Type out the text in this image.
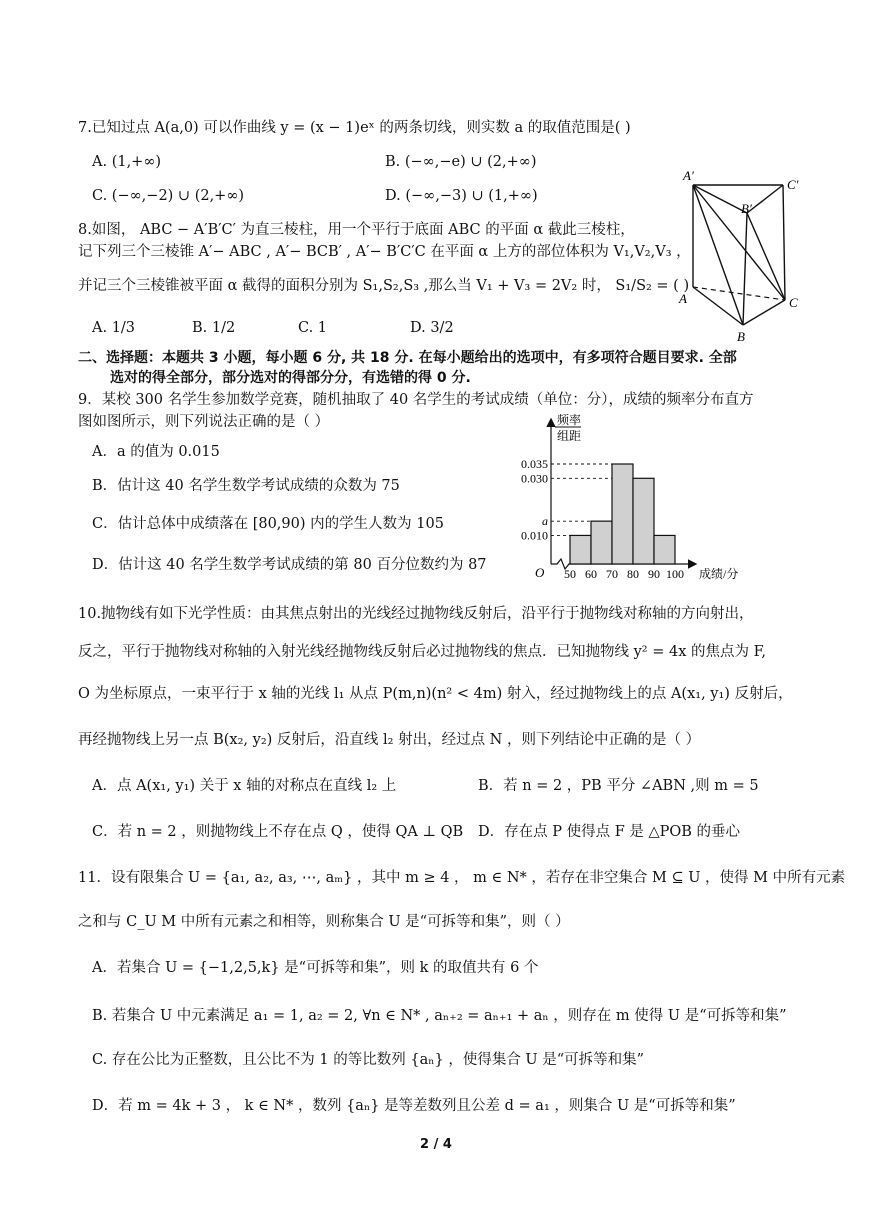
7.已知过点 A(a,0) 可以作曲线 y = (x − 1)eˣ 的两条切线，则实数 a 的取值范围是( )
A. (1,+∞)	B. (−∞,−e) ∪ (2,+∞)
C. (−∞,−2) ∪ (2,+∞)	D. (−∞,−3) ∪ (1,+∞)
8.如图， ABC − A′B′C′ 为直三棱柱，用一个平行于底面 ABC 的平面 α 截此三棱柱，
记下列三个三棱锥 A′− ABC , A′− BCB′ , A′− B′C′C 在平面 α 上方的部位体积为 V₁,V₂,V₃ ，
并记三个三棱锥被平面 α 截得的面积分别为 S₁,S₂,S₃ ,那么当 V₁ + V₃ = 2V₂ 时， S₁/S₂ = ( )
A. 1/3	B. 1/2	C. 1	D. 3/2
A′
C′
B′
A	C
B
二、选择题：本题共 3 小题，每小题 6 分, 共 18 分. 在每小题给出的选项中，有多项符合题目要求. 全部
选对的得全部分，部分选对的得部分分，有选错的得 0 分.
9．某校 300 名学生参加数学竞赛，随机抽取了 40 名学生的考试成绩（单位：分），成绩的频率分布直方
图如图所示，则下列说法正确的是（ ）
A．a 的值为 0.015
B．估计这 40 名学生数学考试成绩的众数为 75
C．估计总体中成绩落在 [80,90) 内的学生人数为 105
D．估计这 40 名学生数学考试成绩的第 80 百分位数约为 87
频率
组距
O	成绩/分
0.035
0.030
a
0.010
50 60 70 80 90 100
10.抛物线有如下光学性质：由其焦点射出的光线经过抛物线反射后，沿平行于抛物线对称轴的方向射出，
反之，平行于抛物线对称轴的入射光线经抛物线反射后必过抛物线的焦点．已知抛物线 y² = 4x 的焦点为 F,
O 为坐标原点，一束平行于 x 轴的光线 l₁ 从点 P(m,n)(n² < 4m) 射入，经过抛物线上的点 A(x₁, y₁) 反射后，
再经抛物线上另一点 B(x₂, y₂) 反射后，沿直线 l₂ 射出，经过点 N ，则下列结论中正确的是（ ）
A．点 A(x₁, y₁) 关于 x 轴的对称点在直线 l₂ 上	B．若 n = 2 ，PB 平分 ∠ABN ,则 m = 5
C．若 n = 2 ，则抛物线上不存在点 Q ，使得 QA ⊥ QB D．存在点 P 使得点 F 是 △POB 的垂心
11．设有限集合 U = {a₁, a₂, a₃, ⋯, aₘ} ，其中 m ≥ 4 ， m ∈ N* ，若存在非空集合 M ⊆ U ，使得 M 中所有元素
之和与 C_U M 中所有元素之和相等，则称集合 U 是“可拆等和集”，则（ ）
A．若集合 U = {−1,2,5,k} 是“可拆等和集”，则 k 的取值共有 6 个
B. 若集合 U 中元素满足 a₁ = 1, a₂ = 2, ∀n ∈ N* , aₙ₊₂ = aₙ₊₁ + aₙ ，则存在 m 使得 U 是“可拆等和集”
C. 存在公比为正整数，且公比不为 1 的等比数列 {aₙ} ，使得集合 U 是“可拆等和集”
D．若 m = 4k + 3 ， k ∈ N* ，数列 {aₙ} 是等差数列且公差 d = a₁ ，则集合 U 是“可拆等和集”
2 / 4
